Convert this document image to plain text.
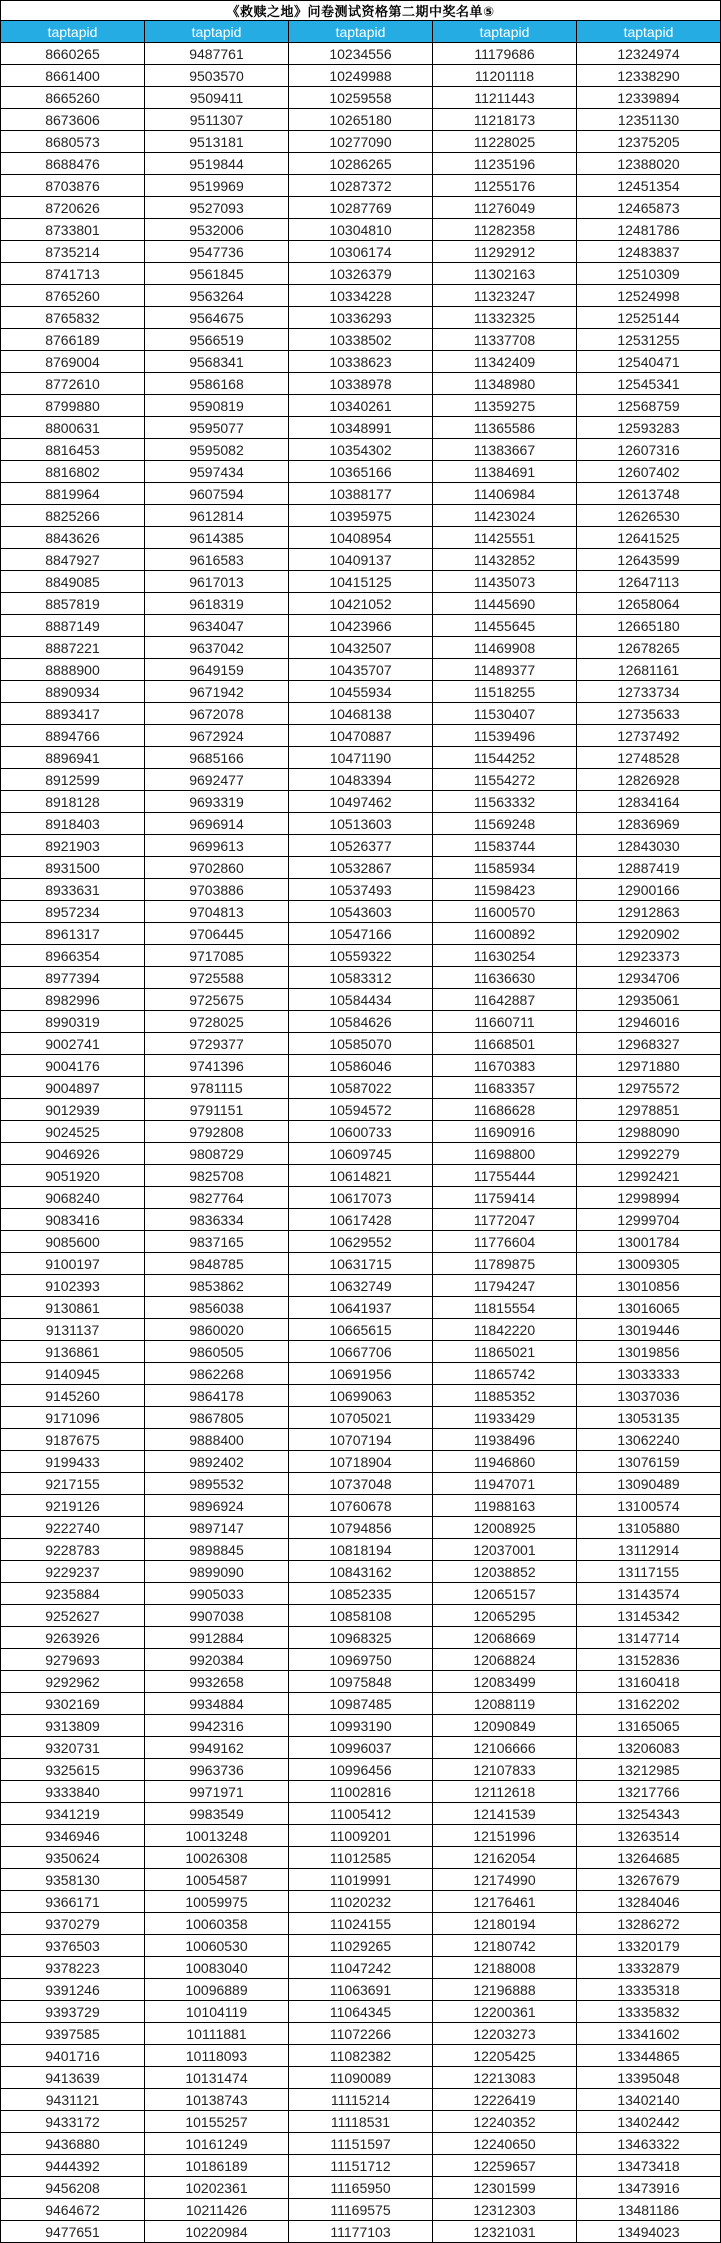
《救赎之地》问卷测试资格第二期中奖名单⑤				
taptapid	taptapid	taptapid	taptapid	taptapid
8660265	9487761	10234556	11179686	12324974
8661400	9503570	10249988	11201118	12338290
8665260	9509411	10259558	11211443	12339894
8673606	9511307	10265180	11218173	12351130
8680573	9513181	10277090	11228025	12375205
8688476	9519844	10286265	11235196	12388020
8703876	9519969	10287372	11255176	12451354
8720626	9527093	10287769	11276049	12465873
8733801	9532006	10304810	11282358	12481786
8735214	9547736	10306174	11292912	12483837
8741713	9561845	10326379	11302163	12510309
8765260	9563264	10334228	11323247	12524998
8765832	9564675	10336293	11332325	12525144
8766189	9566519	10338502	11337708	12531255
8769004	9568341	10338623	11342409	12540471
8772610	9586168	10338978	11348980	12545341
8799880	9590819	10340261	11359275	12568759
8800631	9595077	10348991	11365586	12593283
8816453	9595082	10354302	11383667	12607316
8816802	9597434	10365166	11384691	12607402
8819964	9607594	10388177	11406984	12613748
8825266	9612814	10395975	11423024	12626530
8843626	9614385	10408954	11425551	12641525
8847927	9616583	10409137	11432852	12643599
8849085	9617013	10415125	11435073	12647113
8857819	9618319	10421052	11445690	12658064
8887149	9634047	10423966	11455645	12665180
8887221	9637042	10432507	11469908	12678265
8888900	9649159	10435707	11489377	12681161
8890934	9671942	10455934	11518255	12733734
8893417	9672078	10468138	11530407	12735633
8894766	9672924	10470887	11539496	12737492
8896941	9685166	10471190	11544252	12748528
8912599	9692477	10483394	11554272	12826928
8918128	9693319	10497462	11563332	12834164
8918403	9696914	10513603	11569248	12836969
8921903	9699613	10526377	11583744	12843030
8931500	9702860	10532867	11585934	12887419
8933631	9703886	10537493	11598423	12900166
8957234	9704813	10543603	11600570	12912863
8961317	9706445	10547166	11600892	12920902
8966354	9717085	10559322	11630254	12923373
8977394	9725588	10583312	11636630	12934706
8982996	9725675	10584434	11642887	12935061
8990319	9728025	10584626	11660711	12946016
9002741	9729377	10585070	11668501	12968327
9004176	9741396	10586046	11670383	12971880
9004897	9781115	10587022	11683357	12975572
9012939	9791151	10594572	11686628	12978851
9024525	9792808	10600733	11690916	12988090
9046926	9808729	10609745	11698800	12992279
9051920	9825708	10614821	11755444	12992421
9068240	9827764	10617073	11759414	12998994
9083416	9836334	10617428	11772047	12999704
9085600	9837165	10629552	11776604	13001784
9100197	9848785	10631715	11789875	13009305
9102393	9853862	10632749	11794247	13010856
9130861	9856038	10641937	11815554	13016065
9131137	9860020	10665615	11842220	13019446
9136861	9860505	10667706	11865021	13019856
9140945	9862268	10691956	11865742	13033333
9145260	9864178	10699063	11885352	13037036
9171096	9867805	10705021	11933429	13053135
9187675	9888400	10707194	11938496	13062240
9199433	9892402	10718904	11946860	13076159
9217155	9895532	10737048	11947071	13090489
9219126	9896924	10760678	11988163	13100574
9222740	9897147	10794856	12008925	13105880
9228783	9898845	10818194	12037001	13112914
9229237	9899090	10843162	12038852	13117155
9235884	9905033	10852335	12065157	13143574
9252627	9907038	10858108	12065295	13145342
9263926	9912884	10968325	12068669	13147714
9279693	9920384	10969750	12068824	13152836
9292962	9932658	10975848	12083499	13160418
9302169	9934884	10987485	12088119	13162202
9313809	9942316	10993190	12090849	13165065
9320731	9949162	10996037	12106666	13206083
9325615	9963736	10996456	12107833	13212985
9333840	9971971	11002816	12112618	13217766
9341219	9983549	11005412	12141539	13254343
9346946	10013248	11009201	12151996	13263514
9350624	10026308	11012585	12162054	13264685
9358130	10054587	11019991	12174990	13267679
9366171	10059975	11020232	12176461	13284046
9370279	10060358	11024155	12180194	13286272
9376503	10060530	11029265	12180742	13320179
9378223	10083040	11047242	12188008	13332879
9391246	10096889	11063691	12196888	13335318
9393729	10104119	11064345	12200361	13335832
9397585	10111881	11072266	12203273	13341602
9401716	10118093	11082382	12205425	13344865
9413639	10131474	11090089	12213083	13395048
9431121	10138743	11115214	12226419	13402140
9433172	10155257	11118531	12240352	13402442
9436880	10161249	11151597	12240650	13463322
9444392	10186189	11151712	12259657	13473418
9456208	10202361	11165950	12301599	13473916
9464672	10211426	11169575	12312303	13481186
9477651	10220984	11177103	12321031	13494023
